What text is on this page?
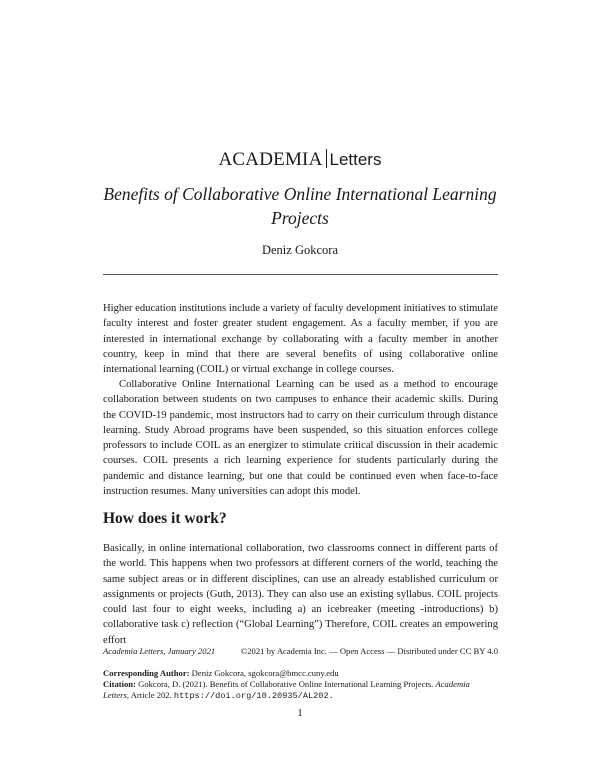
ACADEMIA Letters
Benefits of Collaborative Online International Learning Projects
Deniz Gokcora

Higher education institutions include a variety of faculty development initiatives to stimulate faculty interest and foster greater student engagement. As a faculty member, if you are interested in international exchange by collaborating with a faculty member in another country, keep in mind that there are several benefits of using collaborative online international learning (COIL) or virtual exchange in college courses.

Collaborative Online International Learning can be used as a method to encourage collaboration between students on two campuses to enhance their academic skills. During the COVID-19 pandemic, most instructors had to carry on their curriculum through distance learning. Study Abroad programs have been suspended, so this situation enforces college professors to include COIL as an energizer to stimulate critical discussion in their academic courses. COIL presents a rich learning experience for students particularly during the pandemic and distance learning, but one that could be continued even when face-to-face instruction resumes. Many universities can adopt this model.

How does it work?

Basically, in online international collaboration, two classrooms connect in different parts of the world. This happens when two professors at different corners of the world, teaching the same subject areas or in different disciplines, can use an already established curriculum or assignments or projects (Guth, 2013). They can also use an existing syllabus. COIL projects could last four to eight weeks, including a) an icebreaker (meeting -introductions) b) collaborative task c) reflection (“Global Learning”) Therefore, COIL creates an empowering effort

Academia Letters, January 2021	©2021 by Academia Inc. — Open Access — Distributed under CC BY 4.0
Corresponding Author: Deniz Gokcora, sgokcora@bmcc.cuny.edu
Citation: Gokcora, D. (2021). Benefits of Collaborative Online International Learning Projects. Academia Letters, Article 202. https://doi.org/10.20935/AL202.
1
